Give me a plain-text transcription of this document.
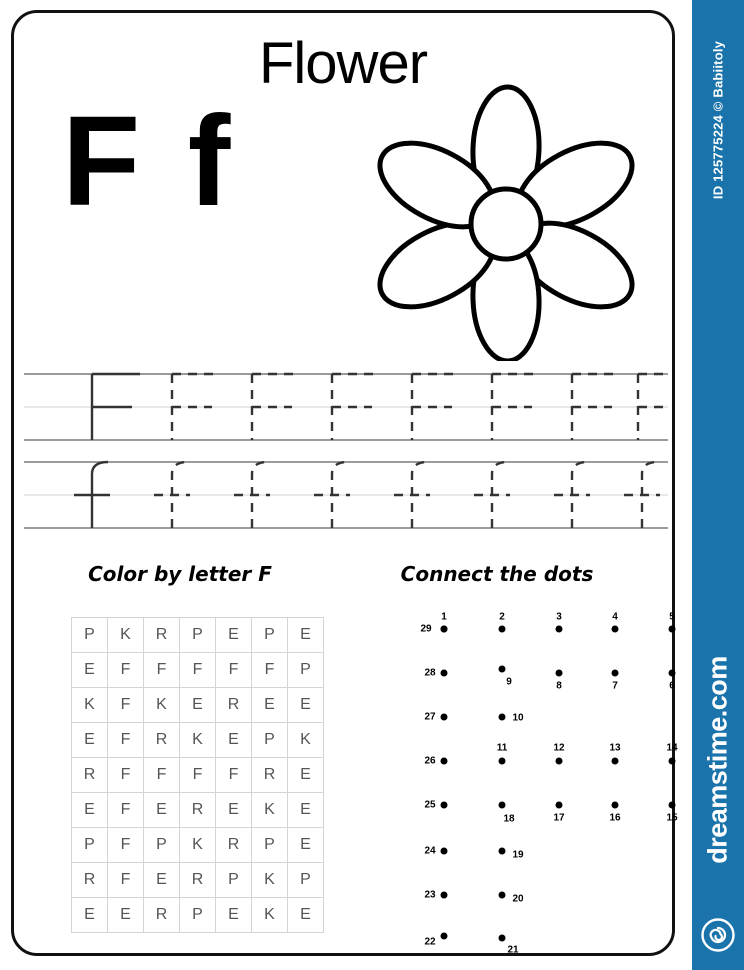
Flower
F f
Color by letter F
P	K	R	P	E	P	E
E	F	F	F	F	F	P
K	F	K	E	R	E	E
E	F	R	K	E	P	K
R	F	F	F	F	R	E
E	F	E	R	E	K	E
P	F	P	K	R	P	E
R	F	E	R	P	K	P
E	E	R	P	E	K	E
Connect the dots
1	2	3	4	5
6
7
8
9
10
11	12	13	14
15
16
17
18
19
20
21
22
23
24
25
26
27
28
29
ID 125775224 © Babiitoly
dreamstime.com
